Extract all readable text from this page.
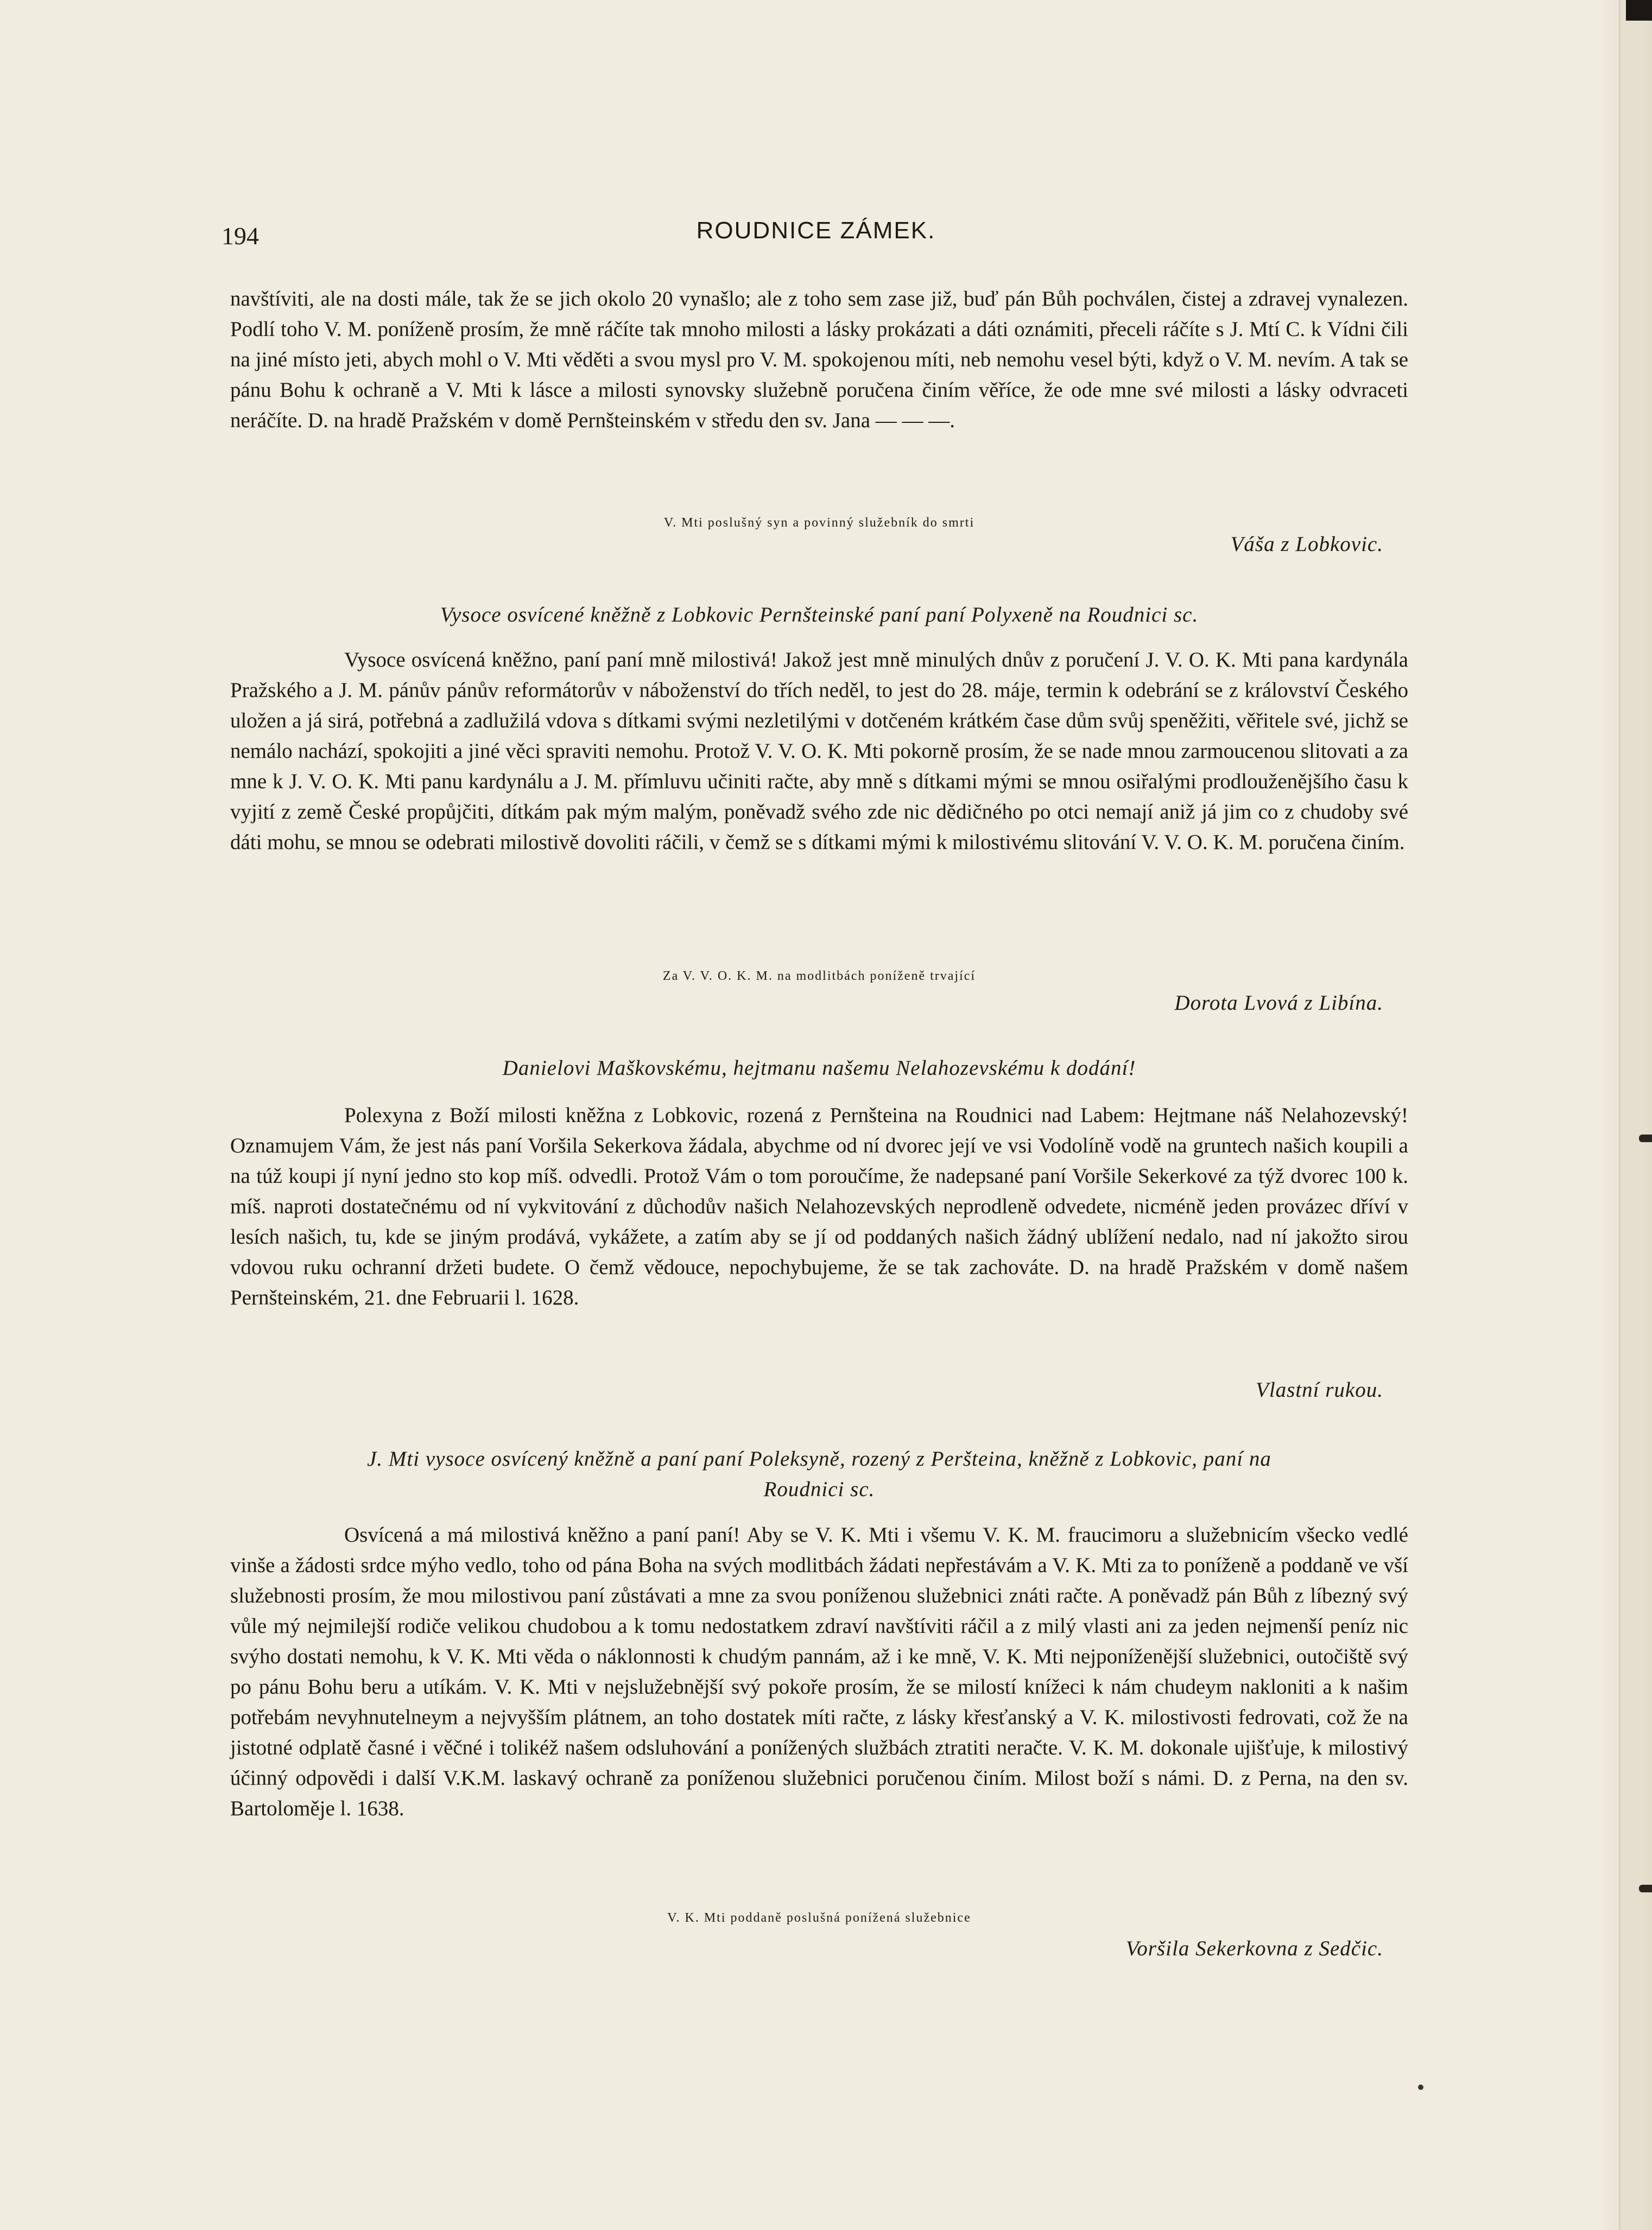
194	ROUDNICE ZÁMEK.

navštíviti, ale na dosti mále, tak že se jich okolo 20 vynašlo; ale z toho sem zase již, buď pán Bůh pochválen, čistej a zdravej vynalezen. Podlí toho V. M. poníženě prosím, že mně ráčíte tak mnoho milosti a lásky prokázati a dáti oznámiti, přeceli ráčíte s J. Mtí C. k Vídni čili na jiné místo jeti, abych mohl o V. Mti věděti a svou mysl pro V. M. spokojenou míti, neb nemohu vesel býti, když o V. M. nevím. A tak se pánu Bohu k ochraně a V. Mti k lásce a milosti synovsky služebně poručena činím věříce, že ode mne své milosti a lásky odvraceti neráčíte. D. na hradě Pražském v domě Pernšteinském v středu den sv. Jana — — —.

V. Mti poslušný syn a povinný služebník do smrti
Váša z Lobkovic.
Vysoce osvícené kněžně z Lobkovic Pernšteinské paní paní Polyxeně na Roudnici sc.

Vysoce osvícená kněžno, paní paní mně milostivá! Jakož jest mně minulých dnův z poručení J. V. O. K. Mti pana kardynála Pražského a J. M. pánův pánův reformátorův v náboženství do třích neděl, to jest do 28. máje, termin k odebrání se z království Českého uložen a já sirá, potřebná a zadlužilá vdova s dítkami svými nezletilými v dotčeném krátkém čase dům svůj speněžiti, věřitele své, jichž se nemálo nachází, spokojiti a jiné věci spraviti nemohu. Protož V. V. O. K. Mti pokorně prosím, že se nade mnou zarmoucenou slitovati a za mne k J. V. O. K. Mti panu kardynálu a J. M. přímluvu učiniti račte, aby mně s dítkami mými se mnou osiřalými prodlouženějšího času k vyjití z země České propůjčiti, dítkám pak mým malým, poněvadž svého zde nic dědičného po otci nemají aniž já jim co z chudoby své dáti mohu, se mnou se odebrati milostivě dovoliti ráčili, v čemž se s dítkami mými k milostivému slitování V. V. O. K. M. poručena činím.

Za V. V. O. K. M. na modlitbách poníženě trvající
Dorota Lvová z Libína.
Danielovi Maškovskému, hejtmanu našemu Nelahozevskému k dodání!

Polexyna z Boží milosti kněžna z Lobkovic, rozená z Pernšteina na Roudnici nad Labem: Hejtmane náš Nelahozevský! Oznamujem Vám, že jest nás paní Voršila Sekerkova žádala, abychme od ní dvorec její ve vsi Vodolíně vodě na gruntech našich koupili a na túž koupi jí nyní jedno sto kop míš. odvedli. Protož Vám o tom poroučíme, že nadepsané paní Voršile Sekerkové za týž dvorec 100 k. míš. naproti dostatečnému od ní vykvitování z důchodův našich Nelahozevských neprodleně odvedete, nicméně jeden provázec dříví v lesích našich, tu, kde se jiným prodává, vykážete, a zatím aby se jí od poddaných našich žádný ublížení nedalo, nad ní jakožto sirou vdovou ruku ochranní držeti budete. O čemž vědouce, nepochybujeme, že se tak zachováte. D. na hradě Pražském v domě našem Pernšteinském, 21. dne Februarii l. 1628.

Vlastní rukou.
J. Mti vysoce osvícený kněžně a paní paní Poleksyně, rozený z Peršteina, kněžně z Lobkovic, paní na
Roudnici sc.

Osvícená a má milostivá kněžno a paní paní! Aby se V. K. Mti i všemu V. K. M. fraucimoru a služebnicím všecko vedlé vinše a žádosti srdce mýho vedlo, toho od pána Boha na svých modlitbách žádati nepřestávám a V. K. Mti za to poníženě a poddaně ve vší služebnosti prosím, že mou milostivou paní zůstávati a mne za svou poníženou služebnici znáti račte. A poněvadž pán Bůh z líbezný svý vůle mý nejmilejší rodiče velikou chudobou a k tomu nedostatkem zdraví navštíviti ráčil a z milý vlasti ani za jeden nejmenší peníz nic svýho dostati nemohu, k V. K. Mti věda o náklonnosti k chudým pannám, až i ke mně, V. K. Mti nejponíženější služebnici, outočiště svý po pánu Bohu beru a utíkám. V. K. Mti v nejslužebnější svý pokoře prosím, že se milostí knížeci k nám chudeym nakloniti a k našim potřebám nevyhnutelneym a nejvyšším plátnem, an toho dostatek míti račte, z lásky křesťanský a V. K. milostivosti fedrovati, což že na jistotné odplatě časné i věčné i tolikéž našem odsluhování a ponížených službách ztratiti neračte. V. K. M. dokonale ujišťuje, k milostivý účinný odpovědi i další V.K.M. laskavý ochraně za poníženou služebnici poručenou činím. Milost boží s námi. D. z Perna, na den sv. Bartoloměje l. 1638.

V. K. Mti poddaně poslušná ponížená služebnice
Voršila Sekerkovna z Sedčic.
